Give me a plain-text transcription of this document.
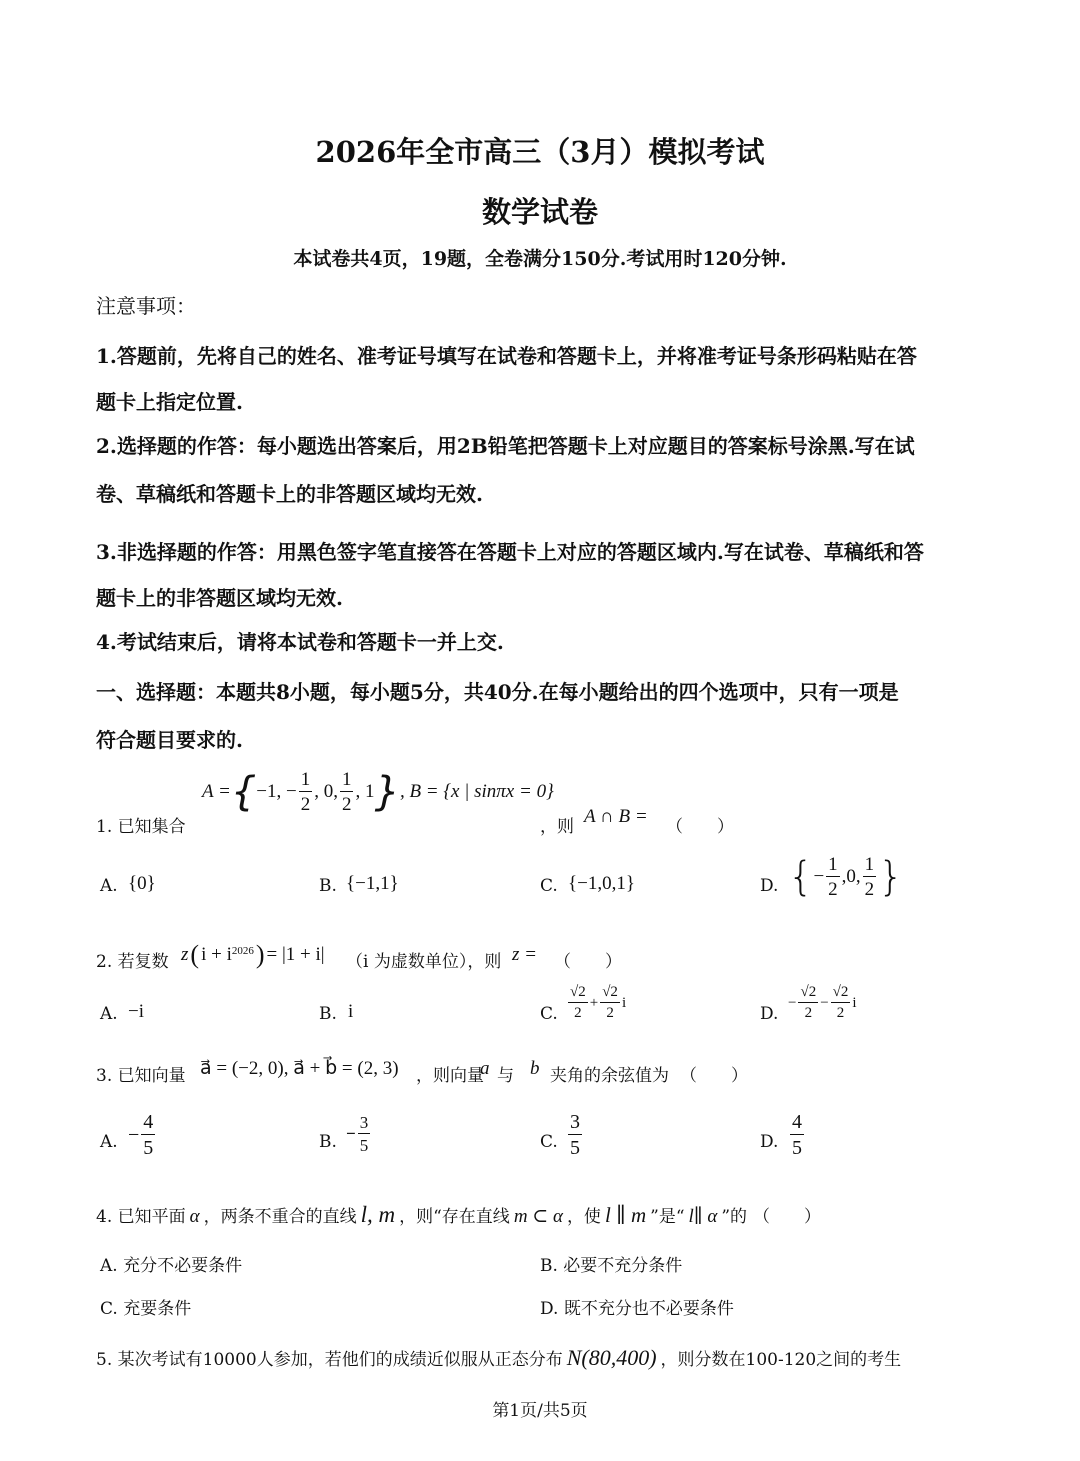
2026年全市高三（3月）模拟考试
数学试卷
本试卷共4页，19题，全卷满分150分.考试用时120分钟.
注意事项：
1.答题前，先将自己的姓名、准考证号填写在试卷和答题卡上，并将准考证号条形码粘贴在答
题卡上指定位置.
2.选择题的作答：每小题选出答案后，用2B铅笔把答题卡上对应题目的答案标号涂黑.写在试
卷、草稿纸和答题卡上的非答题区域均无效.
3.非选择题的作答：用黑色签字笔直接答在答题卡上对应的答题区域内.写在试卷、草稿纸和答
题卡上的非答题区域均无效.
4.考试结束后，请将本试卷和答题卡一并上交.
一、选择题：本题共8小题，每小题5分，共40分.在每小题给出的四个选项中，只有一项是
符合题目要求的.
1. 已知集合
A = { −1, − $\frac{1}{2}$ , 0, $\frac{1}{2}$ , 1 } , B = {x | sinπx = 0}
，则 A ∩ B = （　　）
A. {0}	B. {−1,1}	C. {−1,0,1}	D. { − $\frac{1}{2} ,0$, $\frac{1}{2}$ }
2. 若复数 z ( $i + i^{2026}$ ) = |1 + i| （i 为虚数单位），则 z = （　　）
A. −i	B. i	C. $\frac{√2}{2} + \frac{√2}{2}$ i
D.
− $\frac{√2}{2} - \frac{√2}{2}$ i
3. 已知向量 a⃗ = (−2, 0), a⃗ + b⃗ = (2, 3) ，则向量
a⃗
与 b⃗
夹角的余弦值为 （　　）
A. − $\frac{4}{5}$	B. − $\frac{3}{5}$	C. $\frac{3}{5}$	D. $\frac{4}{5}$
4. 已知平面 α ，两条不重合的直线 l, m ，则“存在直线 m ⊂ α ，使 l ∥ m ”是“ l∥ α ”的 （　　）
A. 充分不必要条件	B. 必要不充分条件
C. 充要条件	D. 既不充分也不必要条件
5. 某次考试有10000人参加，若他们的成绩近似服从正态分布 N(80,400) ，则分数在100-120之间的考生
第1页/共5页
